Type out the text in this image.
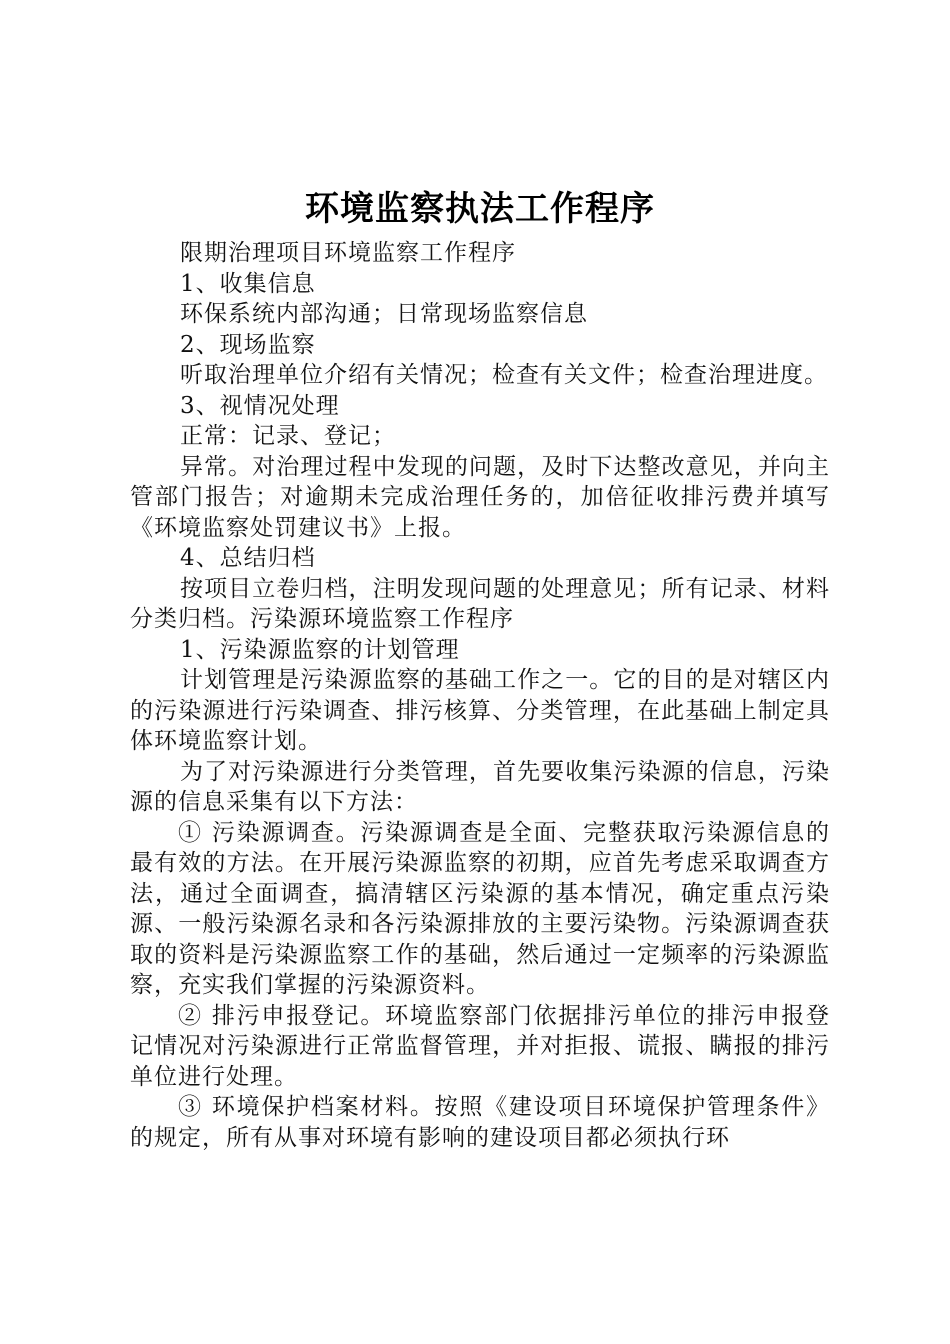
环境监察执法工作程序

限期治理项目环境监察工作程序

1、收集信息

环保系统内部沟通；日常现场监察信息

2、现场监察

听取治理单位介绍有关情况；检查有关文件；检查治理进度。

3、视情况处理

正常：记录、登记；

异常。对治理过程中发现的问题，及时下达整改意见，并向主管部门报告；对逾期未完成治理任务的，加倍征收排污费并填写《环境监察处罚建议书》上报。

4、总结归档

按项目立卷归档，注明发现问题的处理意见；所有记录、材料分类归档。污染源环境监察工作程序

1、污染源监察的计划管理

计划管理是污染源监察的基础工作之一。它的目的是对辖区内的污染源进行污染调查、排污核算、分类管理，在此基础上制定具体环境监察计划。

为了对污染源进行分类管理，首先要收集污染源的信息，污染源的信息采集有以下方法：

① 污染源调查。污染源调查是全面、完整获取污染源信息的最有效的方法。在开展污染源监察的初期，应首先考虑采取调查方法，通过全面调查，搞清辖区污染源的基本情况，确定重点污染源、一般污染源名录和各污染源排放的主要污染物。污染源调查获取的资料是污染源监察工作的基础，然后通过一定频率的污染源监察，充实我们掌握的污染源资料。

② 排污申报登记。环境监察部门依据排污单位的排污申报登记情况对污染源进行正常监督管理，并对拒报、谎报、瞒报的排污单位进行处理。

③ 环境保护档案材料。按照《建设项目环境保护管理条件》的规定，所有从事对环境有影响的建设项目都必须执行环
